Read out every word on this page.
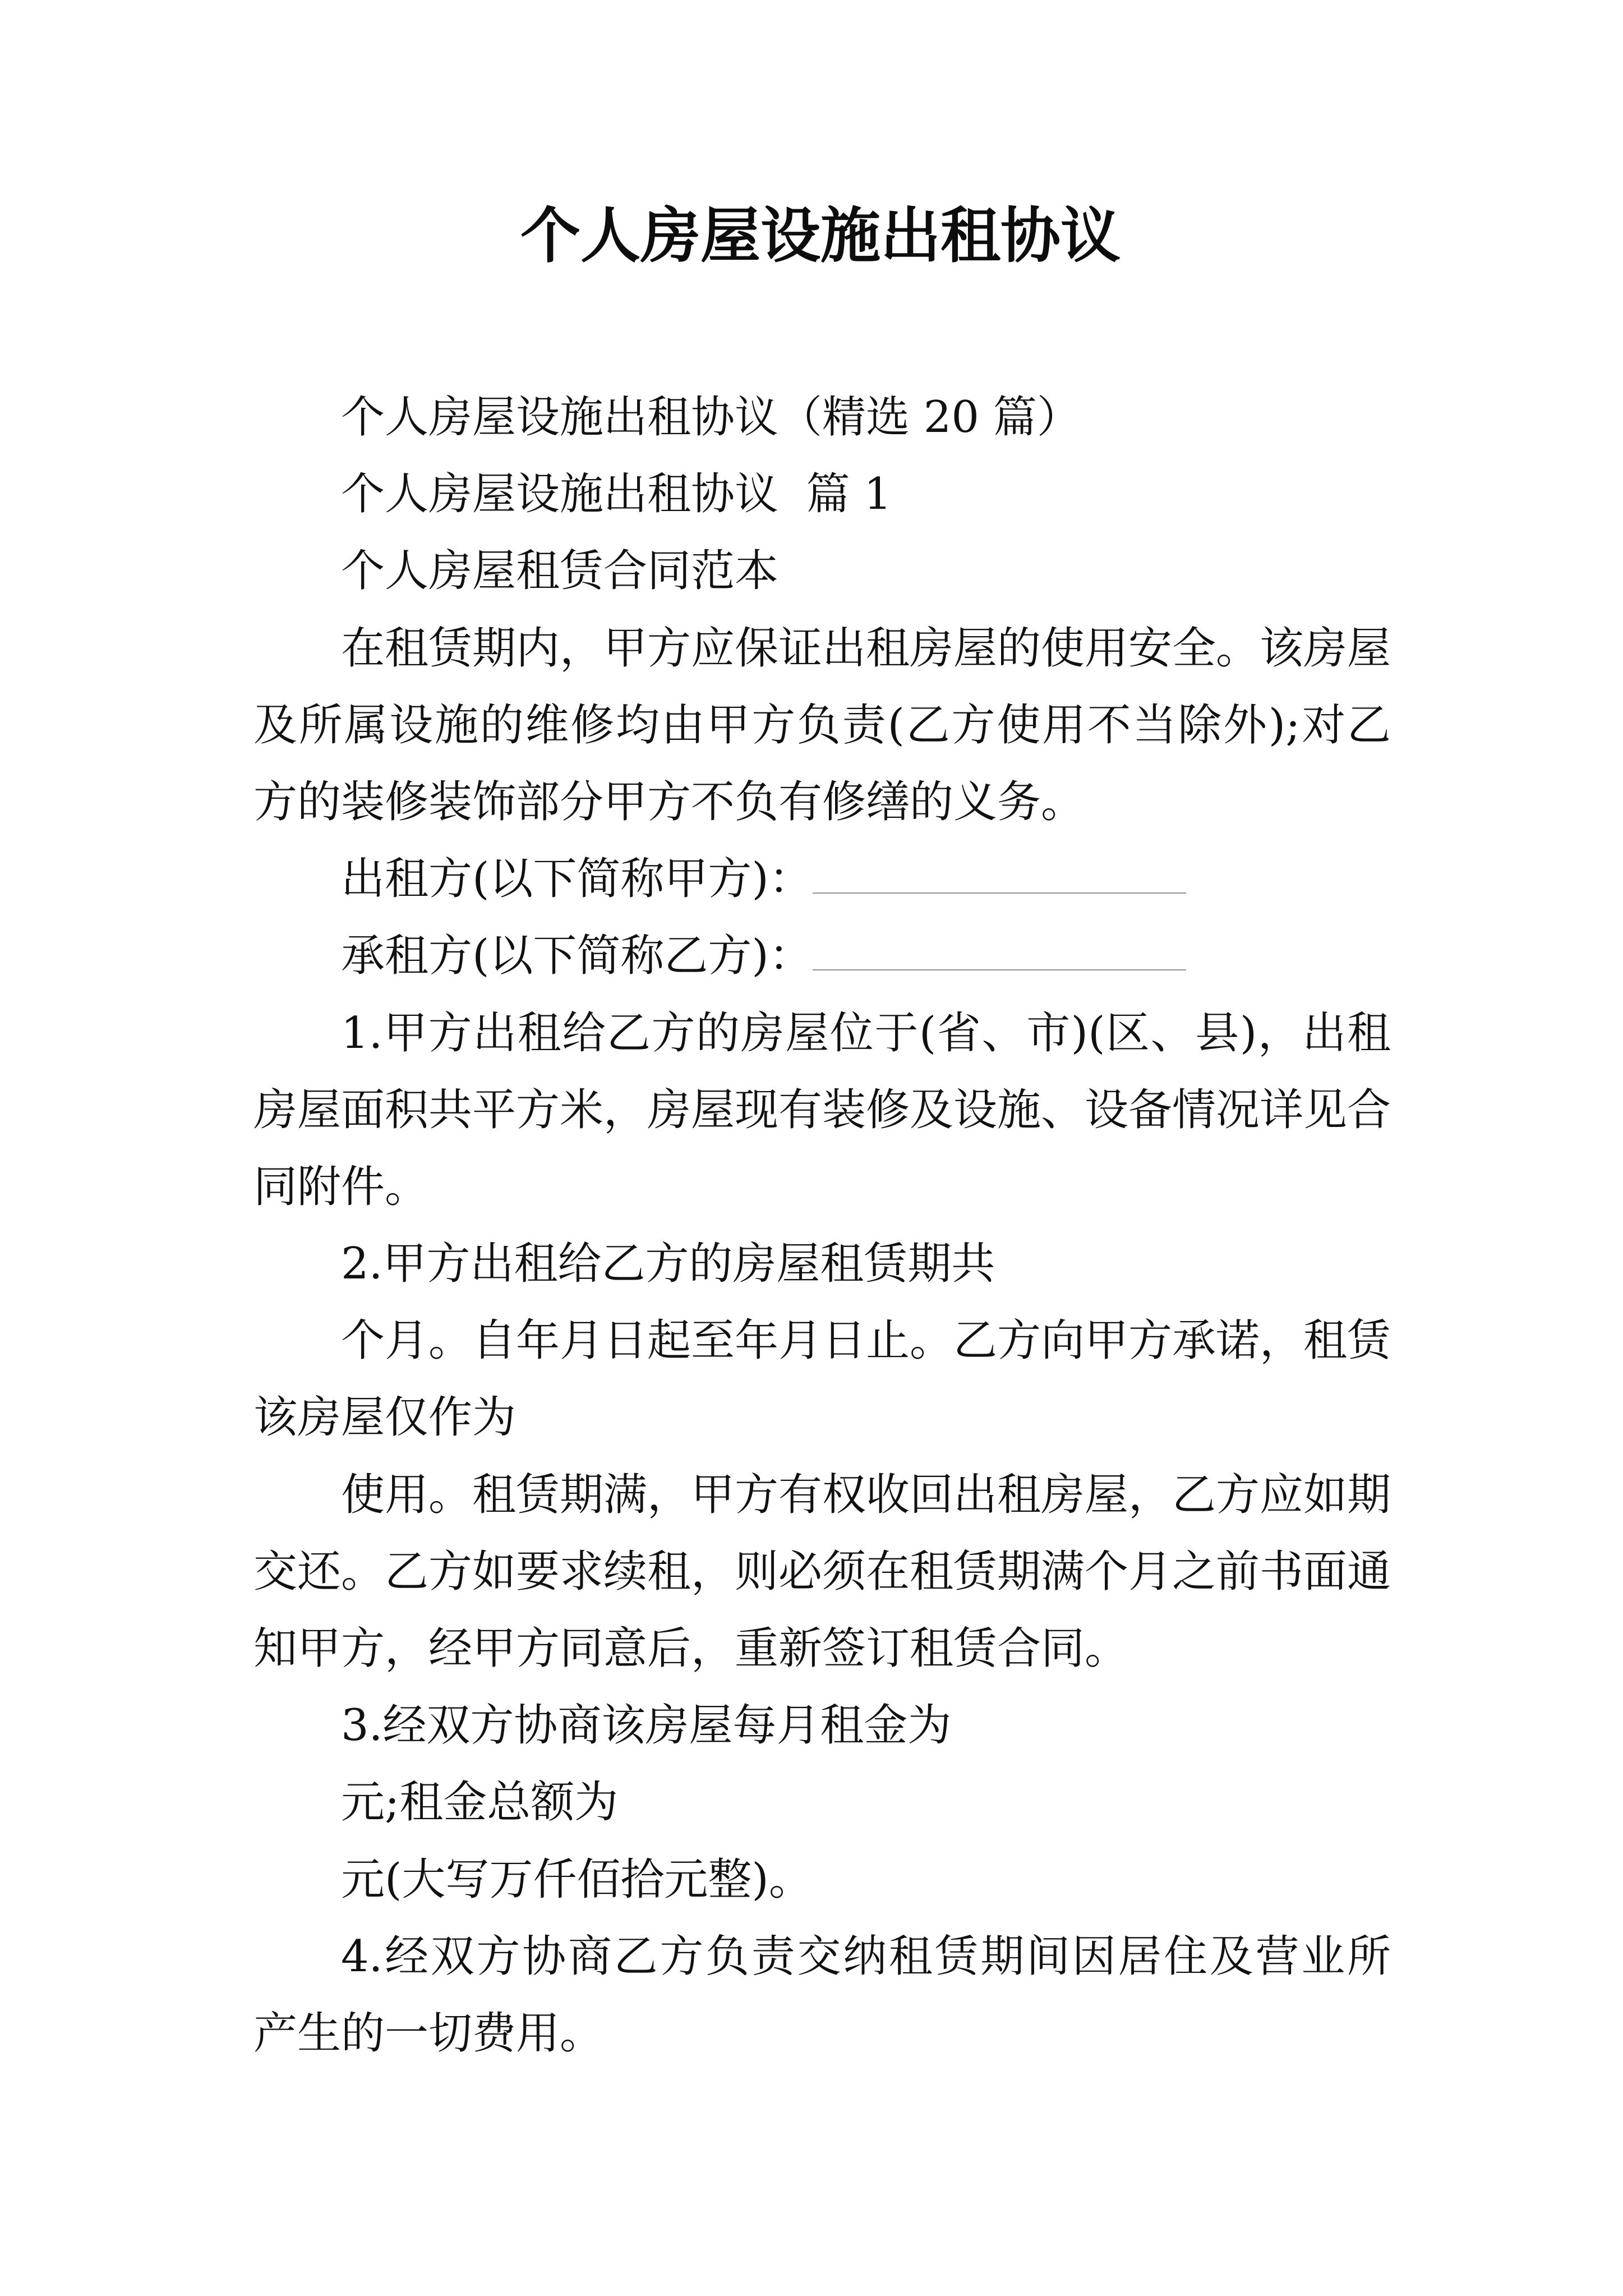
个人房屋设施出租协议
个人房屋设施出租协议（精选 20 篇）
个人房屋设施出租协议  篇 1
个人房屋租赁合同范本
在租赁期内，甲方应保证出租房屋的使用安全。该房屋
及所属设施的维修均由甲方负责(乙方使用不当除外);对乙
方的装修装饰部分甲方不负有修缮的义务。
出租方(以下简称甲方)：
承租方(以下简称乙方)：
1.甲方出租给乙方的房屋位于(省、市)(区、县)，出租
房屋面积共平方米，房屋现有装修及设施、设备情况详见合
同附件。
2.甲方出租给乙方的房屋租赁期共
个月。自年月日起至年月日止。乙方向甲方承诺，租赁
该房屋仅作为
使用。租赁期满，甲方有权收回出租房屋，乙方应如期
交还。乙方如要求续租，则必须在租赁期满个月之前书面通
知甲方，经甲方同意后，重新签订租赁合同。
3.经双方协商该房屋每月租金为
元;租金总额为
元(大写万仟佰拾元整)。
4.经双方协商乙方负责交纳租赁期间因居住及营业所
产生的一切费用。
